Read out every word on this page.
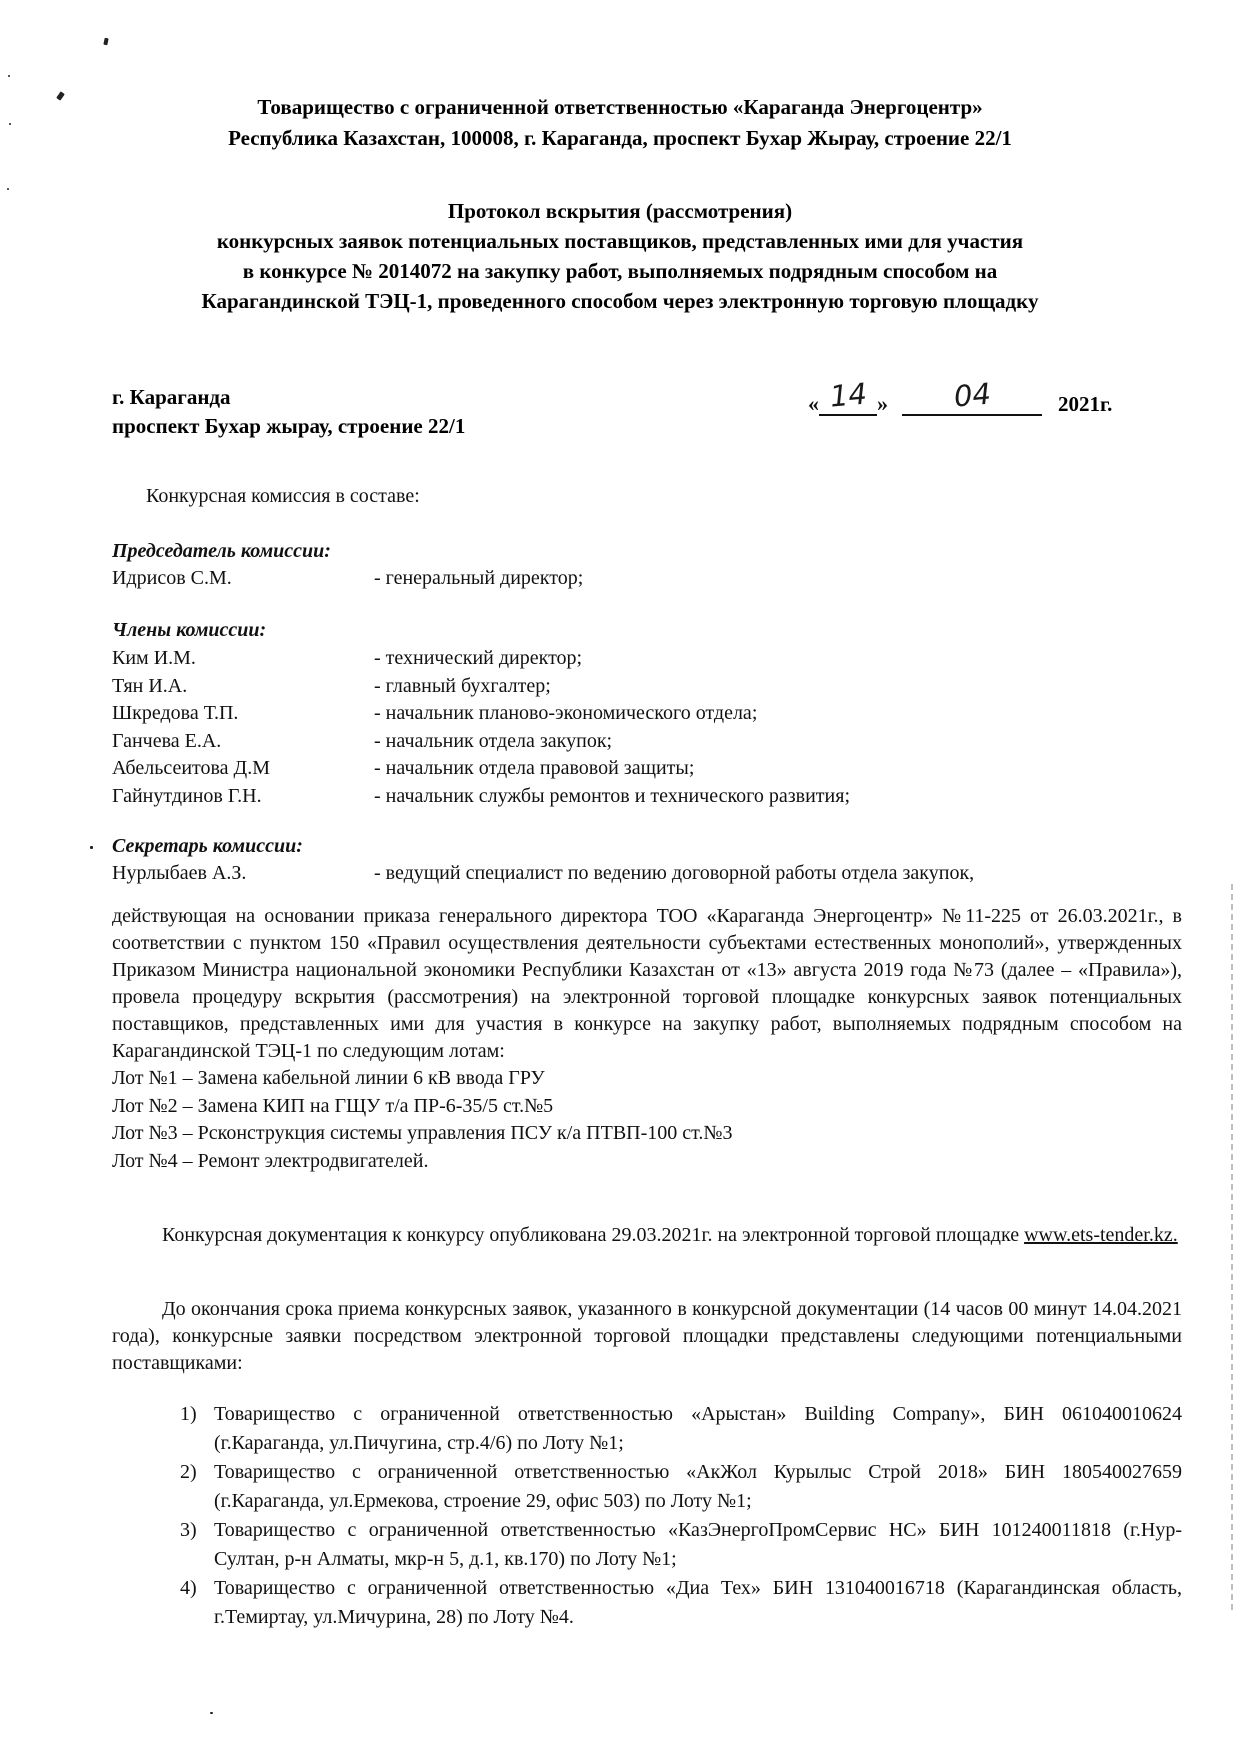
Товарищество с ограниченной ответственностью «Караганда Энергоцентр»
Республика Казахстан, 100008, г. Караганда, проспект Бухар Жырау, строение 22/1
Протокол вскрытия (рассмотрения)
конкурсных заявок потенциальных поставщиков, представленных ими для участия
в конкурсе № 2014072 на закупку работ, выполняемых подрядным способом на
Карагандинской ТЭЦ-1, проведенного способом через электронную торговую площадку
г. Караганда
проспект Бухар жырау, строение 22/1
« 14 » 04	2021г.
Конкурсная комиссия в составе:
Председатель комиссии:
Идрисов С.М.	- генеральный директор;
Члены комиссии:
Ким И.М.	- технический директор;
Тян И.А.	- главный бухгалтер;
Шкредова Т.П.	- начальник планово-экономического отдела;
Ганчева Е.А.	- начальник отдела закупок;
Абельсеитова Д.М	- начальник отдела правовой защиты;
Гайнутдинов Г.Н.	- начальник службы ремонтов и технического развития;
Секретарь комиссии:
Нурлыбаев А.З.	- ведущий специалист по ведению договорной работы отдела закупок,
действующая на основании приказа генерального директора ТОО «Караганда Энергоцентр» №11-225 от 26.03.2021г., в соответствии с пунктом 150 «Правил осуществления деятельности субъектами естественных монополий», утвержденных Приказом Министра национальной экономики Республики Казахстан от «13» августа 2019 года №73 (далее – «Правила»), провела процедуру вскрытия (рассмотрения) на электронной торговой площадке конкурсных заявок потенциальных поставщиков, представленных ими для участия в конкурсе на закупку работ, выполняемых подрядным способом на Карагандинской ТЭЦ-1 по следующим лотам:
Лот №1 – Замена кабельной линии 6 кВ ввода ГРУ
Лот №2 – Замена КИП на ГЩУ т/а ПР-6-35/5 ст.№5
Лот №3 – Рсконструкция системы управления ПСУ к/а ПТВП-100 ст.№3
Лот №4 – Ремонт электродвигателей.
Конкурсная документация к конкурсу опубликована 29.03.2021г. на электронной торговой площадке www.ets-tender.kz.
До окончания срока приема конкурсных заявок, указанного в конкурсной документации (14 часов 00 минут 14.04.2021 года), конкурсные заявки посредством электронной торговой площадки представлены следующими потенциальными поставщиками:
1) Товарищество с ограниченной ответственностью «Арыстан» Building Company», БИН 061040010624 (г.Караганда, ул.Пичугина, стр.4/6) по Лоту №1;
2) Товарищество с ограниченной ответственностью «АкЖол Курылыс Строй 2018» БИН 180540027659 (г.Караганда, ул.Ермекова, строение 29, офис 503) по Лоту №1;
3) Товарищество с ограниченной ответственностью «КазЭнергоПромСервис НС» БИН 101240011818 (г.Нур-Султан, р-н Алматы, мкр-н 5, д.1, кв.170) по Лоту №1;
4) Товарищество с ограниченной ответственностью «Диа Тех» БИН 131040016718 (Карагандинская область, г.Темиртау, ул.Мичурина, 28) по Лоту №4.
